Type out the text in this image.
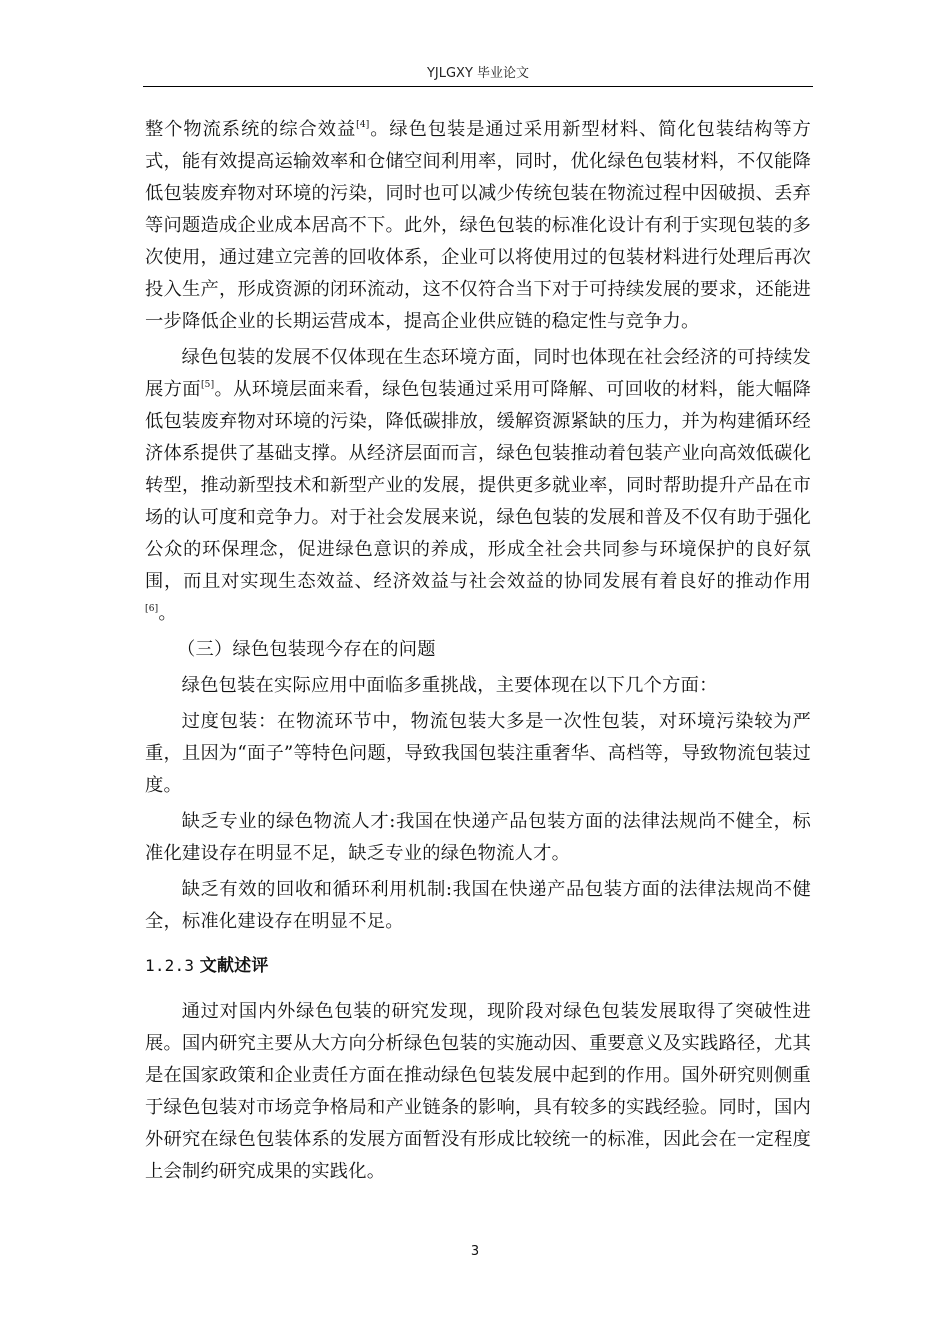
YJLGXY 毕业论文

整个物流系统的综合效益[4]。绿色包装是通过采用新型材料、简化包装结构等方式，能有效提高运输效率和仓储空间利用率，同时，优化绿色包装材料，不仅能降低包装废弃物对环境的污染，同时也可以减少传统包装在物流过程中因破损、丢弃等问题造成企业成本居高不下。此外，绿色包装的标准化设计有利于实现包装的多次使用，通过建立完善的回收体系，企业可以将使用过的包装材料进行处理后再次投入生产，形成资源的闭环流动，这不仅符合当下对于可持续发展的要求，还能进一步降低企业的长期运营成本，提高企业供应链的稳定性与竞争力。

绿色包装的发展不仅体现在生态环境方面，同时也体现在社会经济的可持续发展方面[5]。从环境层面来看，绿色包装通过采用可降解、可回收的材料，能大幅降低包装废弃物对环境的污染，降低碳排放，缓解资源紧缺的压力，并为构建循环经济体系提供了基础支撑。从经济层面而言，绿色包装推动着包装产业向高效低碳化转型，推动新型技术和新型产业的发展，提供更多就业率，同时帮助提升产品在市场的认可度和竞争力。对于社会发展来说，绿色包装的发展和普及不仅有助于强化公众的环保理念，促进绿色意识的养成，形成全社会共同参与环境保护的良好氛围，而且对实现生态效益、经济效益与社会效益的协同发展有着良好的推动作用[6]。

（三）绿色包装现今存在的问题

绿色包装在实际应用中面临多重挑战，主要体现在以下几个方面：

过度包装：在物流环节中，物流包装大多是一次性包装，对环境污染较为严重，且因为“面子”等特色问题，导致我国包装注重奢华、高档等，导致物流包装过度。

缺乏专业的绿色物流人才:我国在快递产品包装方面的法律法规尚不健全，标准化建设存在明显不足，缺乏专业的绿色物流人才。

缺乏有效的回收和循环利用机制:我国在快递产品包装方面的法律法规尚不健全，标准化建设存在明显不足。

1.2.3 文献述评

通过对国内外绿色包装的研究发现，现阶段对绿色包装发展取得了突破性进展。国内研究主要从大方向分析绿色包装的实施动因、重要意义及实践路径，尤其是在国家政策和企业责任方面在推动绿色包装发展中起到的作用。国外研究则侧重于绿色包装对市场竞争格局和产业链条的影响，具有较多的实践经验。同时，国内外研究在绿色包装体系的发展方面暂没有形成比较统一的标准，因此会在一定程度上会制约研究成果的实践化。

3
